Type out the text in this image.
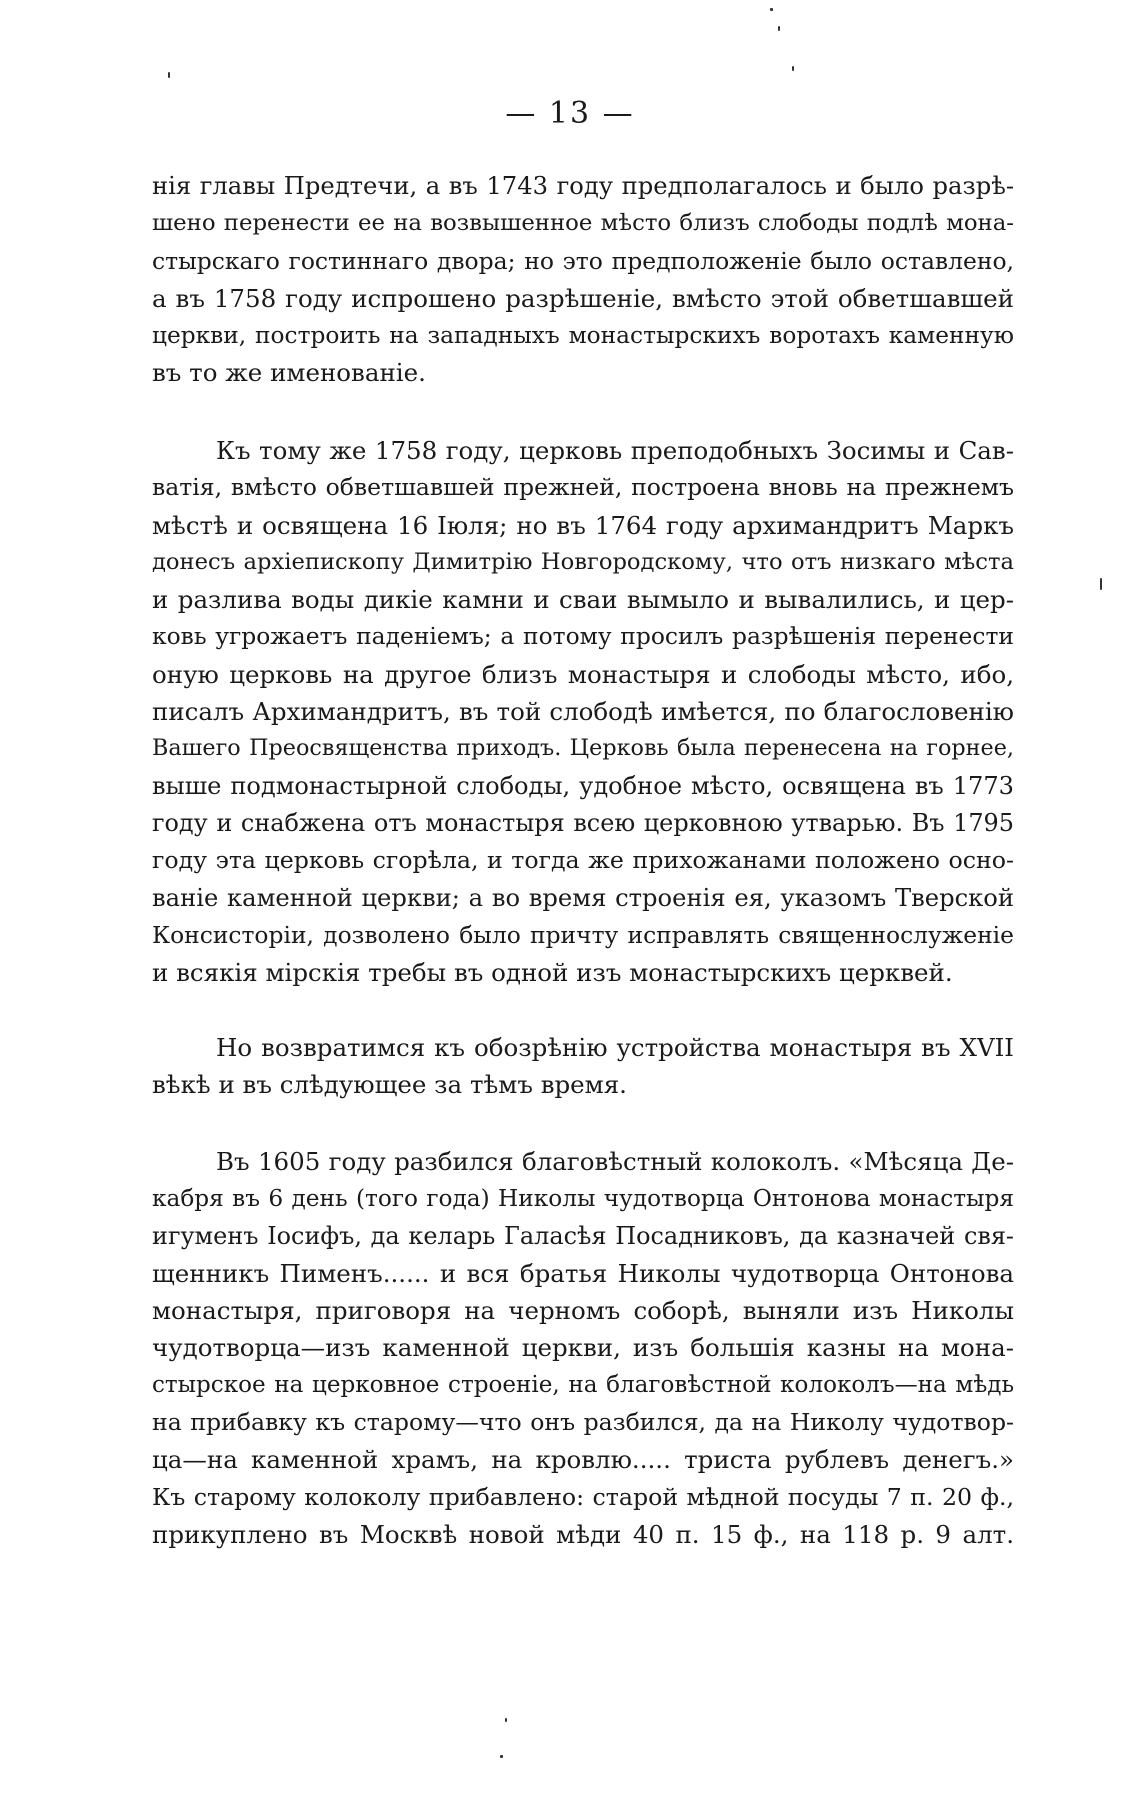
— 13 —
нія главы Предтечи, а въ 1743 году предполагалось и было разрѣ-
шено перенести ее на возвышенное мѣсто близъ слободы подлѣ мона-
стырскаго гостиннаго двора; но это предположеніе было оставлено,
а въ 1758 году испрошено разрѣшеніе, вмѣсто этой обветшавшей
церкви, построить на западныхъ монастырскихъ воротахъ каменную
въ то же именованіе.
Къ тому же 1758 году, церковь преподобныхъ Зосимы и Сав-
ватія, вмѣсто обветшавшей прежней, построена вновь на прежнемъ
мѣстѣ и освящена 16 Іюля; но въ 1764 году архимандритъ Маркъ
донесъ архіепископу Димитрію Новгородскому, что отъ низкаго мѣста
и разлива воды дикіе камни и сваи вымыло и вывалились, и цер-
ковь угрожаетъ паденіемъ; а потому просилъ разрѣшенія перенести
оную церковь на другое близъ монастыря и слободы мѣсто, ибо,
писалъ Архимандритъ, въ той слободѣ имѣется, по благословенію
Вашего Преосвященства приходъ. Церковь была перенесена на горнее,
выше подмонастырной слободы, удобное мѣсто, освящена въ 1773
году и снабжена отъ монастыря всею церковною утварью. Въ 1795
году эта церковь сгорѣла, и тогда же прихожанами положено осно-
ваніе каменной церкви; а во время строенія ея, указомъ Тверской
Консисторіи, дозволено было причту исправлять священнослуженіе
и всякія мірскія требы въ одной изъ монастырскихъ церквей.
Но возвратимся къ обозрѣнію устройства монастыря въ XVII
вѣкѣ и въ слѣдующее за тѣмъ время.
Въ 1605 году разбился благовѣстный колоколъ. «Мѣсяца Де-
кабря въ 6 день (того года) Николы чудотворца Онтонова монастыря
игуменъ Іосифъ, да келарь Галасѣя Посадниковъ, да казначей свя-
щенникъ Пименъ...... и вся братья Николы чудотворца Онтонова
монастыря, приговоря на черномъ соборѣ, выняли изъ Николы
чудотворца—изъ каменной церкви, изъ большія казны на мона-
стырское на церковное строеніе, на благовѣстной колоколъ—на мѣдь
на прибавку къ старому—что онъ разбился, да на Николу чудотвор-
ца—на каменной храмъ, на кровлю..... триста рублевъ денегъ.»
Къ старому колоколу прибавлено: старой мѣдной посуды 7 п. 20 ф.,
прикуплено въ Москвѣ новой мѣди 40 п. 15 ф., на 118 р. 9 алт.
